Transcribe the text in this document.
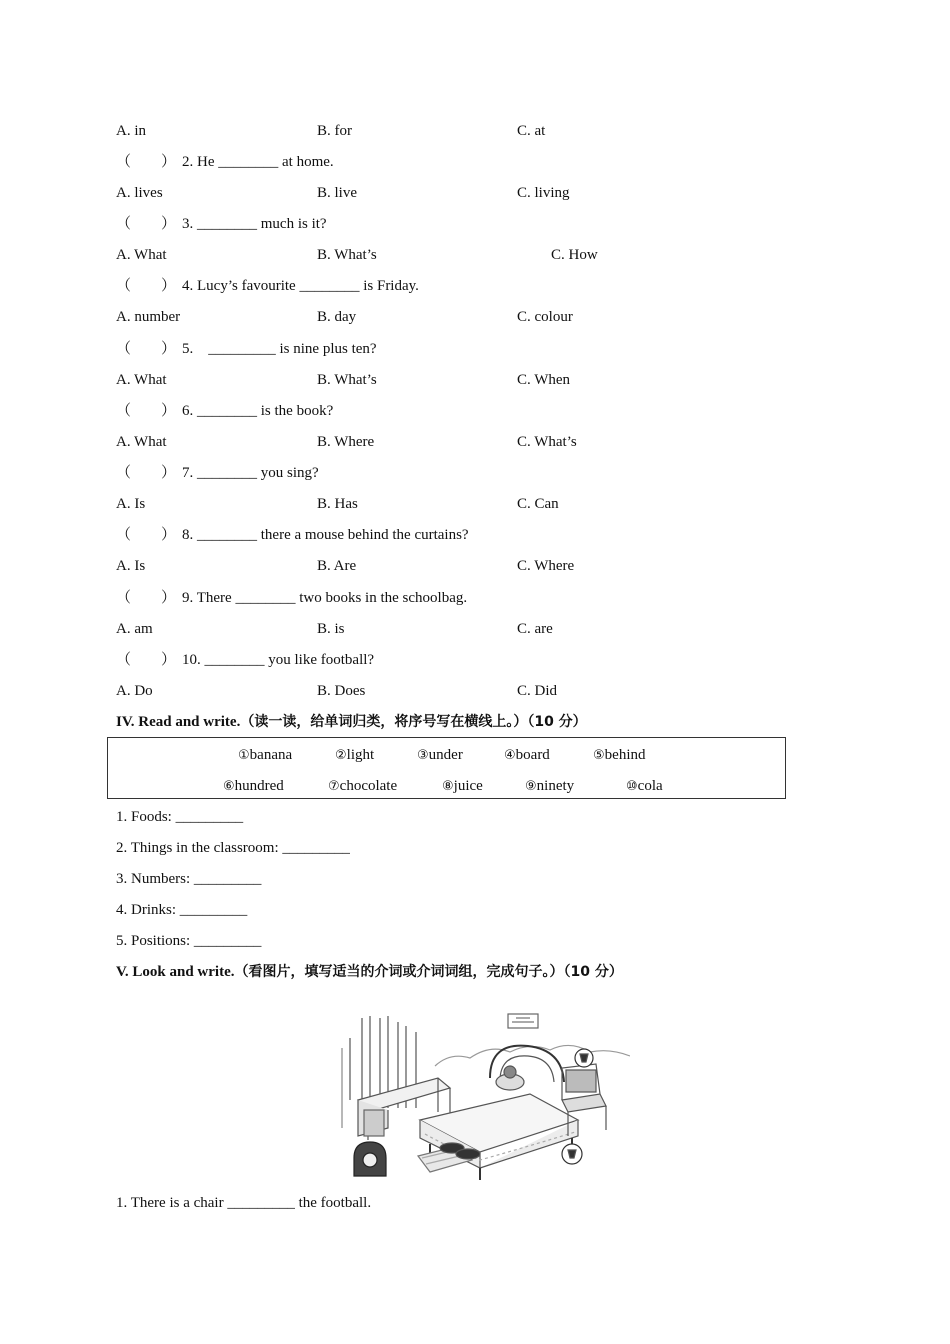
A. in	B. for	C. at
（        ） 2. He ________ at home.
A. lives	B. live	C. living
（        ） 3. ________ much is it?
A. What	B. What’s	C. How
（        ） 4. Lucy’s favourite ________ is Friday.
A. number	B. day	C. colour
（        ） 5.    _________ is nine plus ten?
A. What	B. What’s	C. When
（        ） 6. ________ is the book?
A. What	B. Where	C. What’s
（        ） 7. ________ you sing?
A. Is	B. Has	C. Can
（        ） 8. ________ there a mouse behind the curtains?
A. Is	B. Are	C. Where
（        ） 9. There ________ two books in the schoolbag.
A. am	B. is	C. are
（        ） 10. ________ you like football?
A. Do	B. Does	C. Did
IV. Read and write.（读一读，给单词归类，将序号写在横线上。）（10 分）
①banana	②light	③under	④board	⑤behind
⑥hundred	⑦chocolate	⑧juice	⑨ninety	⑩cola
1. Foods: _________
2. Things in the classroom: _________
3. Numbers: _________
4. Drinks: _________
5. Positions: _________
V. Look and write.（看图片，填写适当的介词或介词词组，完成句子。）（10 分）
1. There is a chair _________ the football.
